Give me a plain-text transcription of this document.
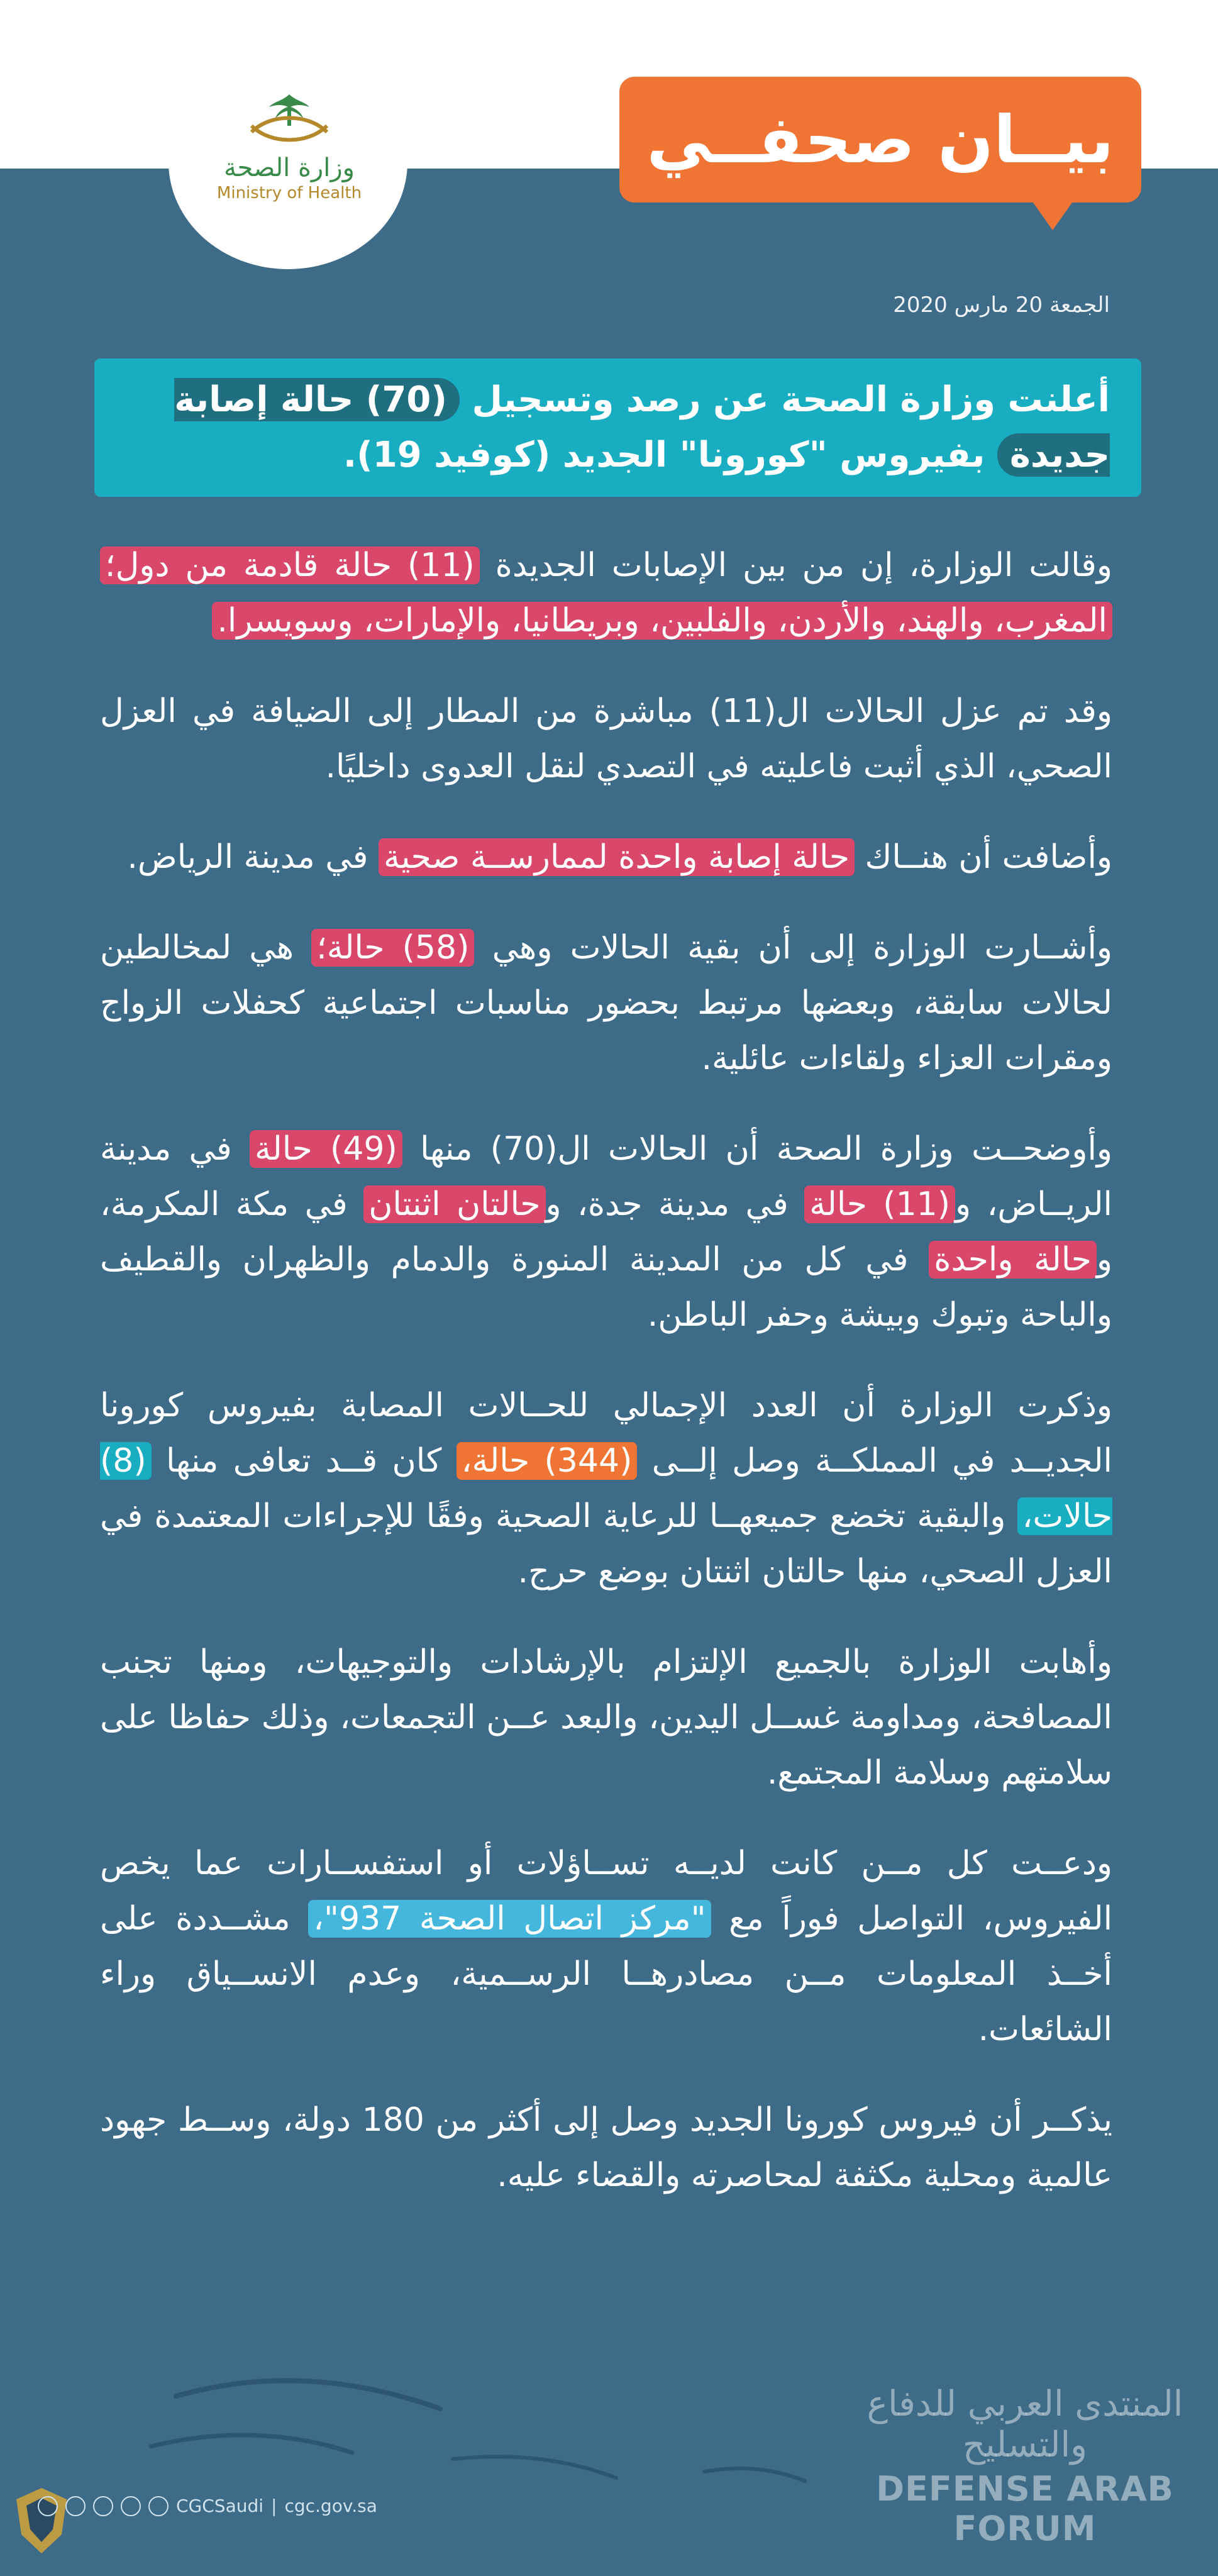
وزارة الصحة
Ministry of Health
بيــان صحفــي
الجمعة 20 مارس 2020
أعلنت وزارة الصحة عن رصد وتسجيل (70) حالة إصابة جديدة بفيروس "كورونا" الجديد (كوفيد 19).

وقالت الوزارة، إن من بين الإصابات الجديدة (11) حالة قادمة من دول؛ المغرب، والهند، والأردن، والفلبين، وبريطانيا، والإمارات، وسويسرا.

وقد تم عزل الحالات ال(11) مباشرة من المطار إلى الضيافة في العزل الصحي، الذي أثبت فاعليته في التصدي لنقل العدوى داخليًا.

وأضافت أن هنــاك حالة إصابة واحدة لممارســة صحية في مدينة الرياض.

وأشــارت الوزارة إلى أن بقية الحالات وهي (58) حالة؛ هي لمخالطين لحالات سابقة، وبعضها مرتبط بحضور مناسبات اجتماعية كحفلات الزواج ومقرات العزاء ولقاءات عائلية.

وأوضحــت وزارة الصحة أن الحالات ال(70) منها (49) حالة في مدينة الريــاض، و(11) حالة في مدينة جدة، وحالتان اثنتان في مكة المكرمة، وحالة واحدة في كل من المدينة المنورة والدمام والظهران والقطيف والباحة وتبوك وبيشة وحفر الباطن.

وذكرت الوزارة أن العدد الإجمالي للحــالات المصابة بفيروس كورونا الجديــد في المملكــة وصل إلــى (344) حالة، كان قــد تعافى منها (8) حالات، والبقية تخضع جميعهــا للرعاية الصحية وفقًا للإجراءات المعتمدة في العزل الصحي، منها حالتان اثنتان بوضع حرج.

وأهابت الوزارة بالجميع الإلتزام بالإرشادات والتوجيهات، ومنها تجنب المصافحة، ومداومة غســل اليدين، والبعد عــن التجمعات، وذلك حفاظا على سلامتهم وسلامة المجتمع.

ودعــت كل مــن كانت لديــه تســاؤلات أو استفســارات عما يخص الفيروس، التواصل فوراً مع "مركز اتصال الصحة 937"، مشــددة على أخــذ المعلومات مــن مصادرهــا الرســمية، وعدم الانســياق وراء الشائعات.

يذكــر أن فيروس كورونا الجديد وصل إلى أكثر من 180 دولة، وســط جهود عالمية ومحلية مكثفة لمحاصرته والقضاء عليه.

CGCSaudi | cgc.gov.sa
المنتدى العربي للدفاع والتسليح
DEFENSE ARAB FORUM
